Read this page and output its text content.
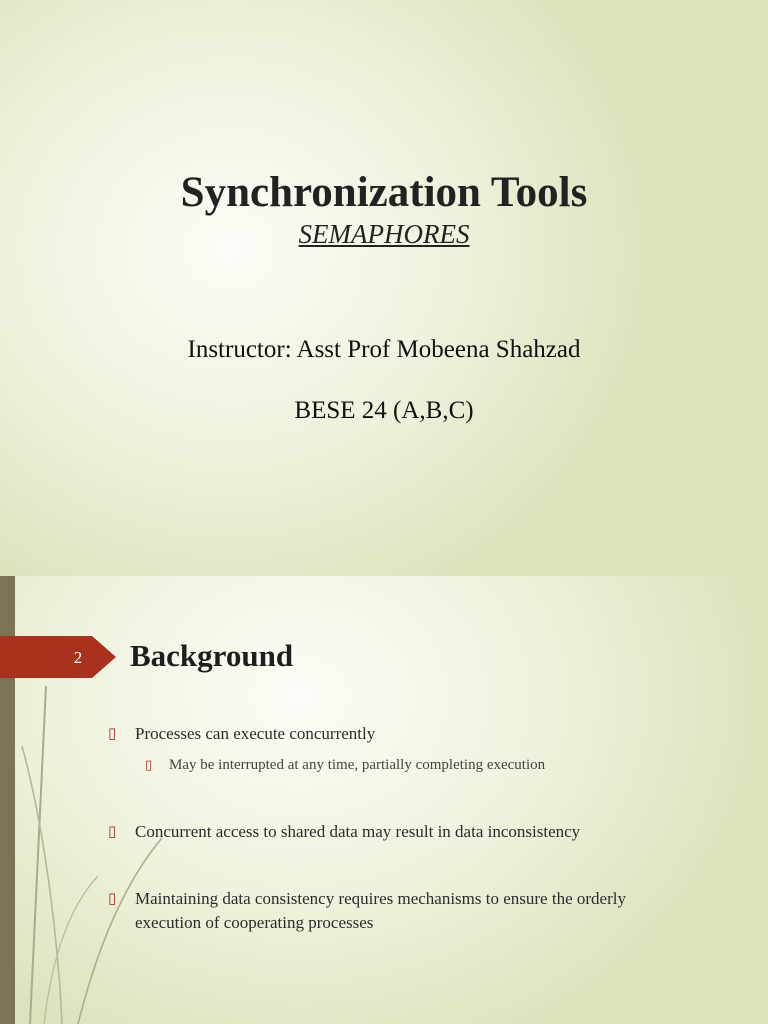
Synchronization Tools
SEMAPHORES
Instructor: Asst Prof Mobeena Shahzad
BESE 24 (A,B,C)
2	Background
▯ Processes can execute concurrently
▯ May be interrupted at any time, partially completing execution
▯ Concurrent access to shared data may result in data inconsistency
▯ Maintaining data consistency requires mechanisms to ensure the orderly
execution of cooperating processes
